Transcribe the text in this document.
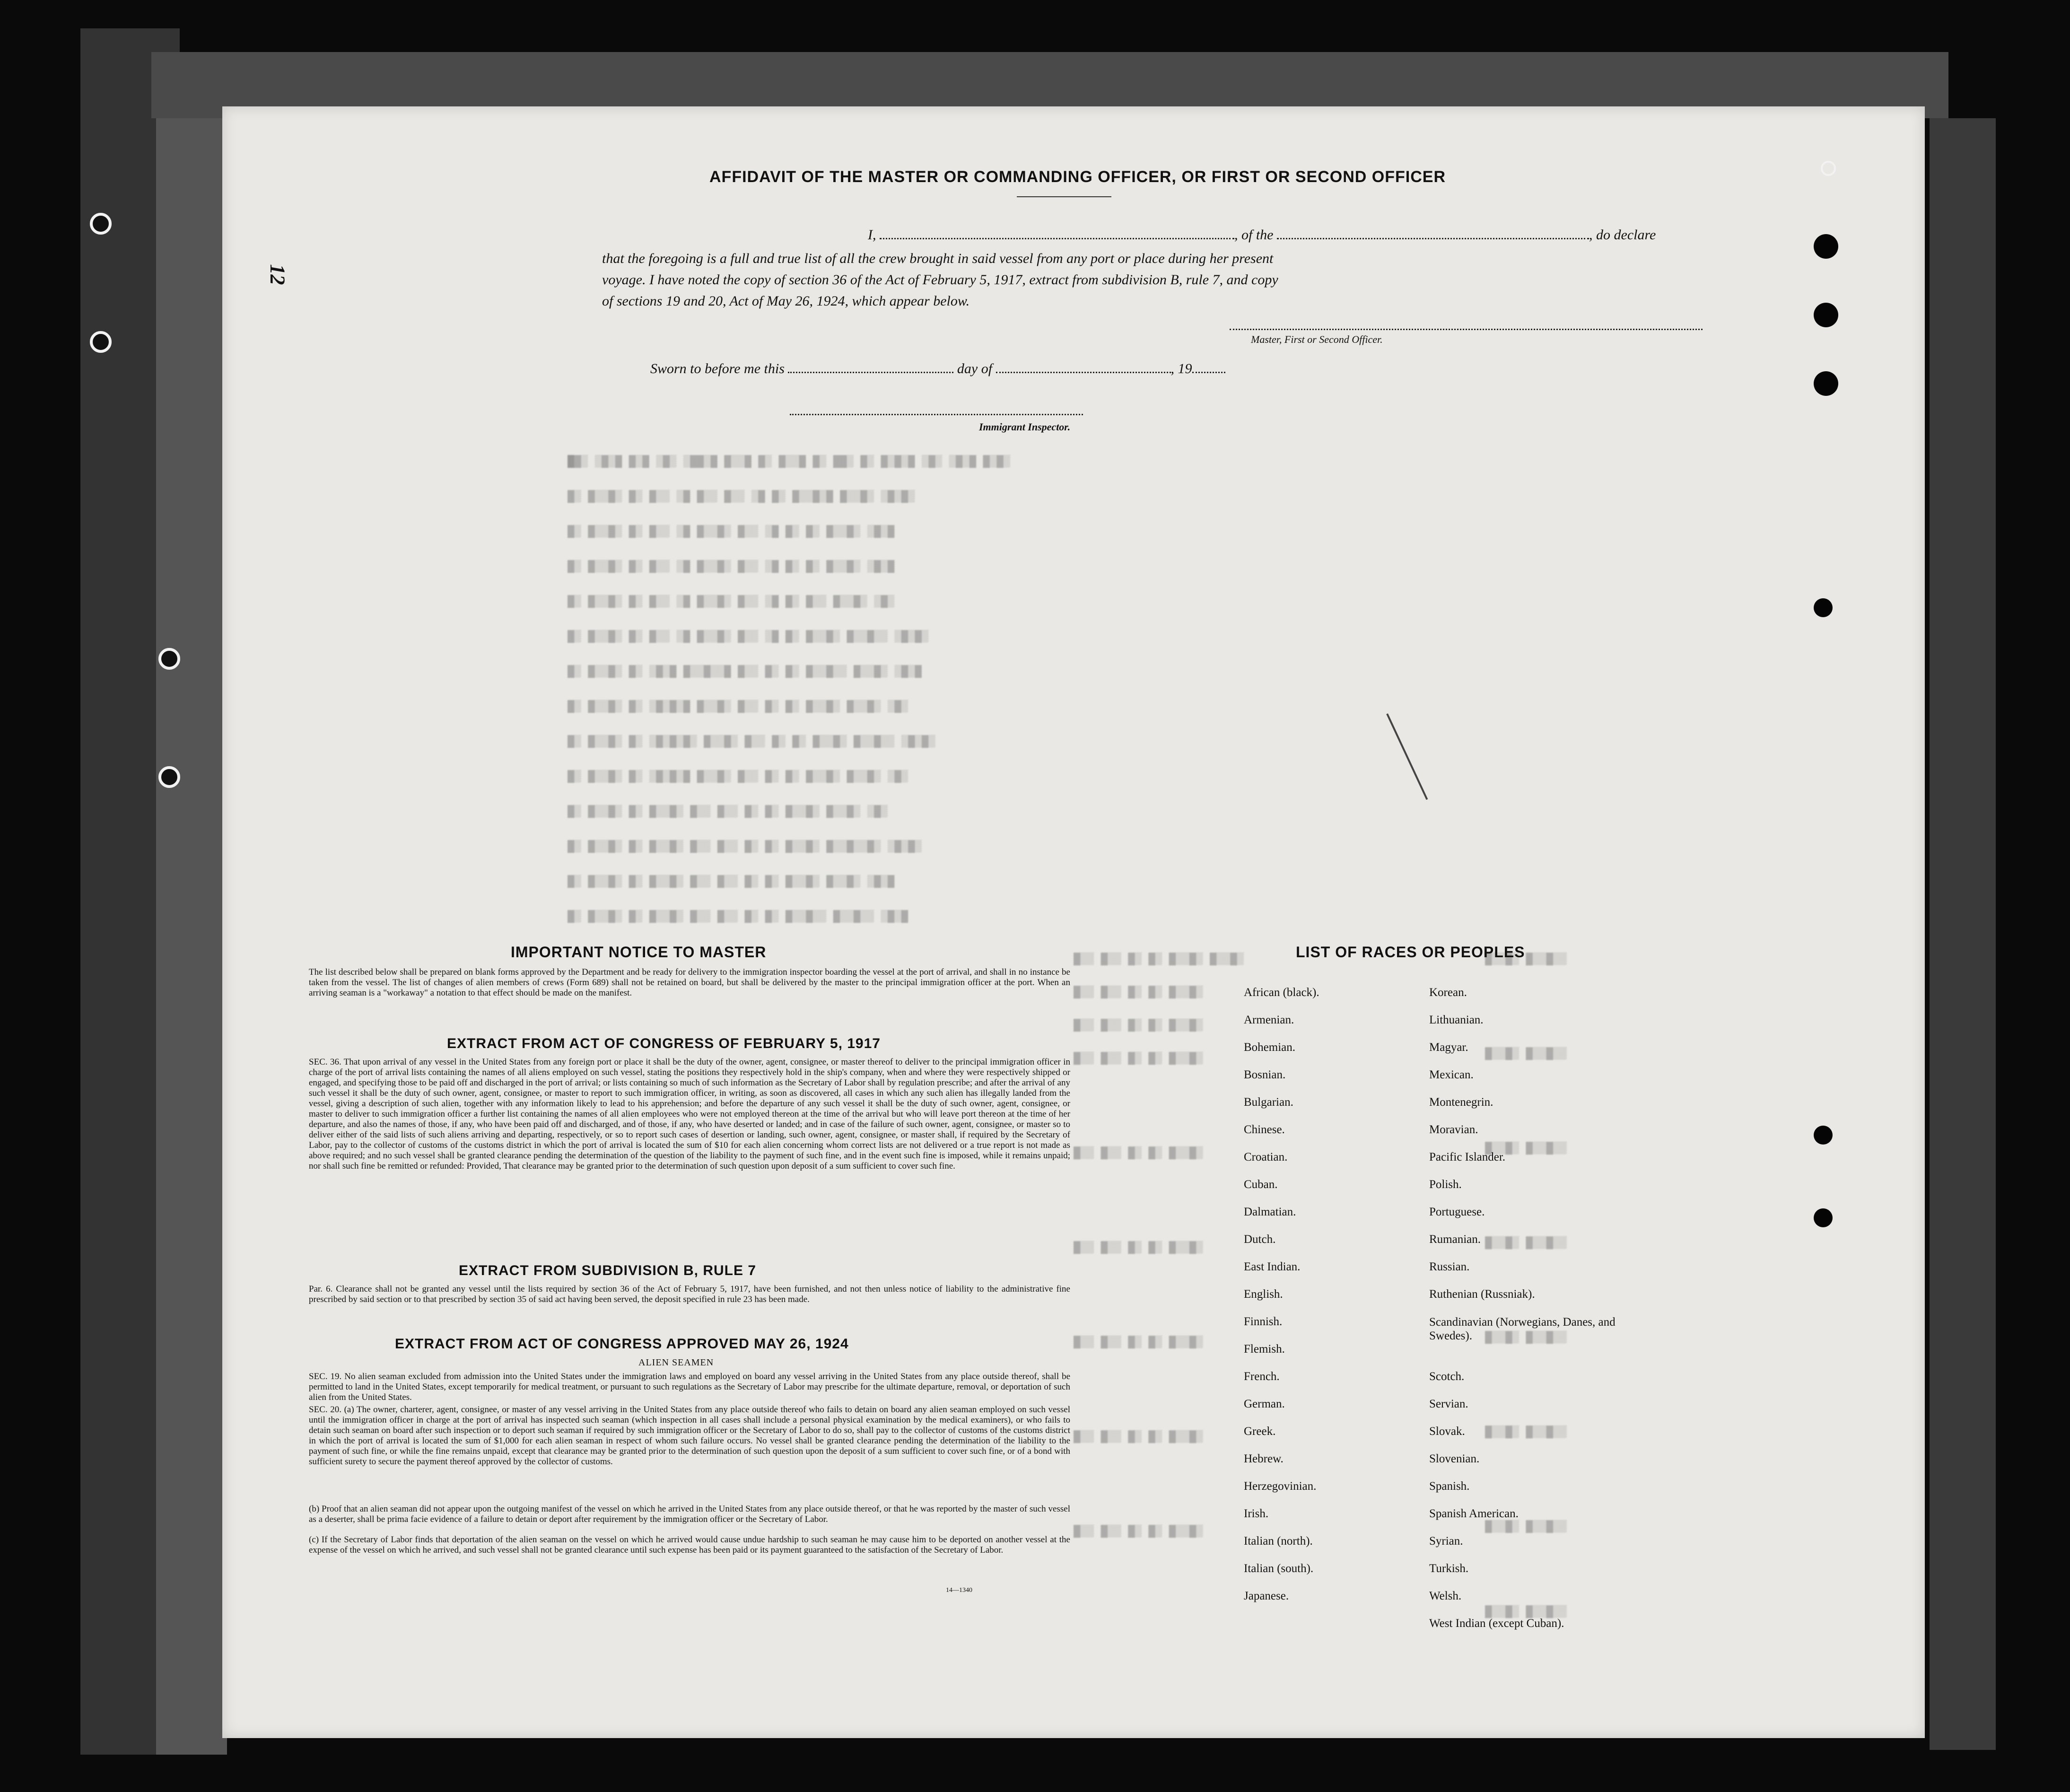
12
AFFIDAVIT OF THE MASTER OR COMMANDING OFFICER, OR FIRST OR SECOND OFFICER
I,	, of the	, do declare
that the foregoing is a full and true list of all the crew brought in said vessel from any port or place during her present
voyage. I have noted the copy of section 36 of the Act of February 5, 1917, extract from subdivision B, rule 7, and copy
of sections 19 and 20, Act of May 26, 1924, which appear below.
Master, First or Second Officer.
Sworn to before me this	day of	, 19
Immigrant Inspector.
█▓▒ ▒▓▒▓ ▓▒▓ ▒▓▒ ▒▓▓▒▓ ▓▒▒▓ ▓▒ ▓▒▒▓ ▓▒ ▓▓▒ ▓▒ ▓▒▓▒▓ ▒▓▒ ▒▓▒▓ ▓▒▓▒
▓▒ ▓▒▒▓▒ ▓▒ ▓▒▒ ▒▓ ▓▒▒ ▓▒▒ ▒▓ ▓▒ ▓▒▒▓▒▓ ▓▒▒▓▒ ▒▓▒▓▒
▓▒ ▓▒▒▓▒ ▓▒ ▓▒▒ ▒▓ ▓▒▒▓▒ ▓▒▒ ▒▓ ▓▒ ▓▒ ▓▒▒▓▒ ▒▓▒▓
▓▒ ▓▒▒▓▒ ▓▒ ▓▒▒ ▒▓ ▓▒▒▓▒ ▓▒▒ ▒▓ ▓▒ ▓▒ ▓▒▒▓▒ ▒▓▒▓
▓▒ ▓▒▒▓▒ ▓▒ ▓▒▒ ▒▓ ▓▒▒▓▒ ▓▒▒ ▒▓ ▓▒ ▓▒▒ ▓▒▒▓▒ ▒▓▒
▓▒ ▓▒▒▓▒ ▓▒ ▓▒▒ ▒▓ ▓▒▒▓▒ ▓▒▒ ▒▓ ▓▒ ▓▒▒▓▒ ▓▒▒▓▒▒ ▒▓▒▓▒
▓▒ ▓▒▒▓▒ ▓▒ ▒▓▒▓ ▓▒▒▓▒▒▓ ▓▒▒ ▓▒ ▓▒ ▓▒▒▓▒▒ ▓▒▒▓▒ ▒▓▒▓
▓▒ ▓▒▒▓▒ ▓▒ ▒▓▒▓▒▓ ▓▒▒▓▒ ▓▒▒ ▓▒ ▓▒ ▓▒▒▓▒ ▓▒▒▓▒ ▒▓▒
▓▒ ▓▒▒▓▒ ▓▒ ▒▓▒▓▒▓▒ ▓▒▒▓▒ ▓▒▒ ▓▒ ▓▒ ▓▒▒▓▒ ▓▒▒▓▒▒ ▒▓▒▓▒
▓▒ ▓▒▒▓▒ ▓▒ ▒▓▒▓▒▓ ▓▒▒▓▒ ▓▒▒ ▓▒ ▓▒ ▓▒▒▓▒ ▓▒▒▓▒ ▒▓▒
▓▒ ▓▒▒▓▒ ▓▒ ▓▒▒▓▒ ▓▒▒ ▓▒▒ ▓▒ ▓▒ ▓▒▒▓▒ ▓▒▒▓▒ ▒▓▒
▓▒ ▓▒▒▓▒ ▓▒ ▓▒▒▓▒ ▓▒▒ ▓▒▒ ▓▒ ▓▒ ▓▒▒▓▒ ▓▒▒▓▒▒▓▒ ▒▓▒▓▒
▓▒ ▓▒▒▓▒ ▓▒ ▓▒▒▓▒ ▓▒▒ ▓▒▒ ▓▒ ▓▒ ▓▒▒▓▒ ▓▒▒▓▒ ▒▓▒▓
▓▒ ▓▒▒▓▒ ▓▒ ▓▒▒▓▒ ▓▒▒ ▓▒▒ ▓▒ ▓▒ ▓▒▒▓▒▒ ▓▒▒▓▒▒ ▒▓▒▓
▓▒▒ ▓▒▒ ▓▒ ▓▒ ▓▒▒▓▒ ▓▒▒▓▒
▓▒▒ ▓▒▒ ▓▒ ▓▒ ▓▒▒▓▒
▓▒▒ ▓▒▒ ▓▒ ▓▒ ▓▒▒▓▒
▓▒▒ ▓▒▒ ▓▒ ▓▒ ▓▒▒▓▒
▓▒▒ ▓▒▒ ▓▒ ▓▒ ▓▒▒▓▒
▓▒▒ ▓▒▒ ▓▒ ▓▒ ▓▒▒▓▒
▓▒▒ ▓▒▒ ▓▒ ▓▒ ▓▒▒▓▒
▓▒▒ ▓▒▒ ▓▒ ▓▒ ▓▒▒▓▒
▓▒▒ ▓▒▒ ▓▒ ▓▒ ▓▒▒▓▒
▓▒▒▓▒ ▓▒▒▓▒▒
▓▒▒▓▒ ▓▒▒▓▒▒
▓▒▒▓▒ ▓▒▒▓▒▒
▓▒▒▓▒ ▓▒▒▓▒▒
▓▒▒▓▒ ▓▒▒▓▒▒
▓▒▒▓▒ ▓▒▒▓▒▒
▓▒▒▓▒ ▓▒▒▓▒▒
▓▒▒▓▒ ▓▒▒▓▒▒
IMPORTANT NOTICE TO MASTER
The list described below shall be prepared on blank forms approved by the Department and be ready for delivery to the immigration inspector boarding the vessel at the port of arrival, and shall in no instance be taken from the vessel. The list of changes of alien members of crews (Form 689) shall not be retained on board, but shall be delivered by the master to the principal immigration officer at the port. When an arriving seaman is a "workaway" a notation to that effect should be made on the manifest.
EXTRACT FROM ACT OF CONGRESS OF FEBRUARY 5, 1917
SEC. 36. That upon arrival of any vessel in the United States from any foreign port or place it shall be the duty of the owner, agent, consignee, or master thereof to deliver to the principal immigration officer in charge of the port of arrival lists containing the names of all aliens employed on such vessel, stating the positions they respectively hold in the ship's company, when and where they were respectively shipped or engaged, and specifying those to be paid off and discharged in the port of arrival; or lists containing so much of such information as the Secretary of Labor shall by regulation prescribe; and after the arrival of any such vessel it shall be the duty of such owner, agent, consignee, or master to report to such immigration officer, in writing, as soon as discovered, all cases in which any such alien has illegally landed from the vessel, giving a description of such alien, together with any information likely to lead to his apprehension; and before the departure of any such vessel it shall be the duty of such owner, agent, consignee, or master to deliver to such immigration officer a further list containing the names of all alien employees who were not employed thereon at the time of the arrival but who will leave port thereon at the time of her departure, and also the names of those, if any, who have been paid off and discharged, and of those, if any, who have deserted or landed; and in case of the failure of such owner, agent, consignee, or master so to deliver either of the said lists of such aliens arriving and departing, respectively, or so to report such cases of desertion or landing, such owner, agent, consignee, or master shall, if required by the Secretary of Labor, pay to the collector of customs of the customs district in which the port of arrival is located the sum of $10 for each alien concerning whom correct lists are not delivered or a true report is not made as above required; and no such vessel shall be granted clearance pending the determination of the question of the liability to the payment of such fine, and in the event such fine is imposed, while it remains unpaid; nor shall such fine be remitted or refunded: Provided, That clearance may be granted prior to the determination of such question upon deposit of a sum sufficient to cover such fine.
EXTRACT FROM SUBDIVISION B, RULE 7
Par. 6. Clearance shall not be granted any vessel until the lists required by section 36 of the Act of February 5, 1917, have been furnished, and not then unless notice of liability to the administrative fine prescribed by said section or to that prescribed by section 35 of said act having been served, the deposit specified in rule 23 has been made.
EXTRACT FROM ACT OF CONGRESS APPROVED MAY 26, 1924
ALIEN SEAMEN
SEC. 19. No alien seaman excluded from admission into the United States under the immigration laws and employed on board any vessel arriving in the United States from any place outside thereof, shall be permitted to land in the United States, except temporarily for medical treatment, or pursuant to such regulations as the Secretary of Labor may prescribe for the ultimate departure, removal, or deportation of such alien from the United States.
SEC. 20. (a) The owner, charterer, agent, consignee, or master of any vessel arriving in the United States from any place outside thereof who fails to detain on board any alien seaman employed on such vessel until the immigration officer in charge at the port of arrival has inspected such seaman (which inspection in all cases shall include a personal physical examination by the medical examiners), or who fails to detain such seaman on board after such inspection or to deport such seaman if required by such immigration officer or the Secretary of Labor to do so, shall pay to the collector of customs of the customs district in which the port of arrival is located the sum of $1,000 for each alien seaman in respect of whom such failure occurs. No vessel shall be granted clearance pending the determination of the liability to the payment of such fine, or while the fine remains unpaid, except that clearance may be granted prior to the determination of such question upon the deposit of a sum sufficient to cover such fine, or of a bond with sufficient surety to secure the payment thereof approved by the collector of customs.
(b) Proof that an alien seaman did not appear upon the outgoing manifest of the vessel on which he arrived in the United States from any place outside thereof, or that he was reported by the master of such vessel as a deserter, shall be prima facie evidence of a failure to detain or deport after requirement by the immigration officer or the Secretary of Labor.
(c) If the Secretary of Labor finds that deportation of the alien seaman on the vessel on which he arrived would cause undue hardship to such seaman he may cause him to be deported on another vessel at the expense of the vessel on which he arrived, and such vessel shall not be granted clearance until such expense has been paid or its payment guaranteed to the satisfaction of the Secretary of Labor.
14—1340
LIST OF RACES OR PEOPLES
African (black).
Armenian.
Bohemian.
Bosnian.
Bulgarian.
Chinese.
Croatian.
Cuban.
Dalmatian.
Dutch.
East Indian.
English.
Finnish.
Flemish.
French.
German.
Greek.
Hebrew.
Herzegovinian.
Irish.
Italian (north).
Italian (south).
Japanese.
Korean.
Lithuanian.
Magyar.
Mexican.
Montenegrin.
Moravian.
Pacific Islander.
Polish.
Portuguese.
Rumanian.
Russian.
Ruthenian (Russniak).
Scandinavian (Norwegians, Danes, and Swedes).
Scotch.
Servian.
Slovak.
Slovenian.
Spanish.
Spanish American.
Syrian.
Turkish.
Welsh.
West Indian (except Cuban).
